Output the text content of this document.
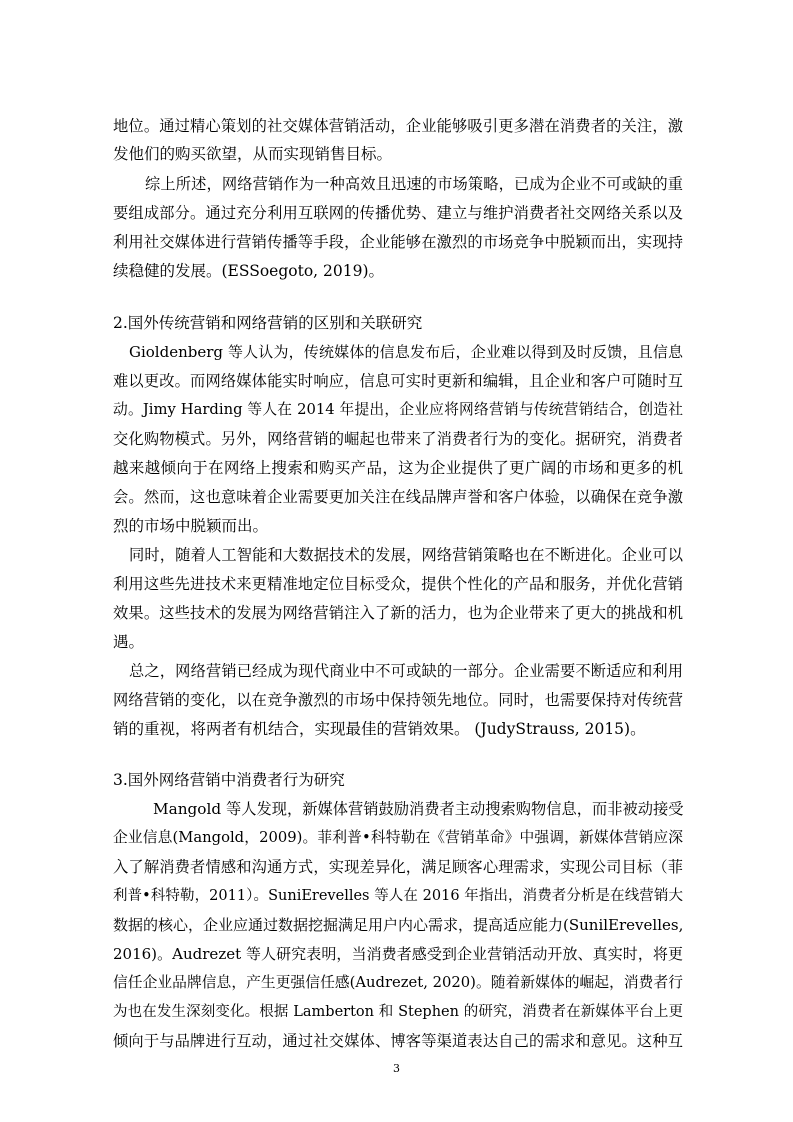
地位。通过精心策划的社交媒体营销活动，企业能够吸引更多潜在消费者的关注，激
发他们的购买欲望，从而实现销售目标。
综上所述，网络营销作为一种高效且迅速的市场策略，已成为企业不可或缺的重
要组成部分。通过充分利用互联网的传播优势、建立与维护消费者社交网络关系以及
利用社交媒体进行营销传播等手段，企业能够在激烈的市场竞争中脱颖而出，实现持
续稳健的发展。(ESSoegoto, 2019)。
2.国外传统营销和网络营销的区别和关联研究
Gioldenberg 等人认为，传统媒体的信息发布后，企业难以得到及时反馈，且信息
难以更改。而网络媒体能实时响应，信息可实时更新和编辑，且企业和客户可随时互
动。Jimy Harding 等人在 2014 年提出，企业应将网络营销与传统营销结合，创造社
交化购物模式。另外，网络营销的崛起也带来了消费者行为的变化。据研究，消费者
越来越倾向于在网络上搜索和购买产品，这为企业提供了更广阔的市场和更多的机
会。然而，这也意味着企业需要更加关注在线品牌声誉和客户体验，以确保在竞争激
烈的市场中脱颖而出。
同时，随着人工智能和大数据技术的发展，网络营销策略也在不断进化。企业可以
利用这些先进技术来更精准地定位目标受众，提供个性化的产品和服务，并优化营销
效果。这些技术的发展为网络营销注入了新的活力，也为企业带来了更大的挑战和机
遇。
总之，网络营销已经成为现代商业中不可或缺的一部分。企业需要不断适应和利用
网络营销的变化，以在竞争激烈的市场中保持领先地位。同时，也需要保持对传统营
销的重视，将两者有机结合，实现最佳的营销效果。 (JudyStrauss, 2015)。
3.国外网络营销中消费者行为研究
Mangold 等人发现，新媒体营销鼓励消费者主动搜索购物信息，而非被动接受
企业信息(Mangold，2009)。菲利普•科特勒在《营销革命》中强调，新媒体营销应深
入了解消费者情感和沟通方式，实现差异化，满足顾客心理需求，实现公司目标（菲
利普•科特勒，2011）。SuniErevelles 等人在 2016 年指出，消费者分析是在线营销大
数据的核心，企业应通过数据挖掘满足用户内心需求，提高适应能力(SunilErevelles,
2016)。Audrezet 等人研究表明，当消费者感受到企业营销活动开放、真实时，将更
信任企业品牌信息，产生更强信任感(Audrezet, 2020)。随着新媒体的崛起，消费者行
为也在发生深刻变化。根据 Lamberton 和 Stephen 的研究，消费者在新媒体平台上更
倾向于与品牌进行互动，通过社交媒体、博客等渠道表达自己的需求和意见。这种互
3
